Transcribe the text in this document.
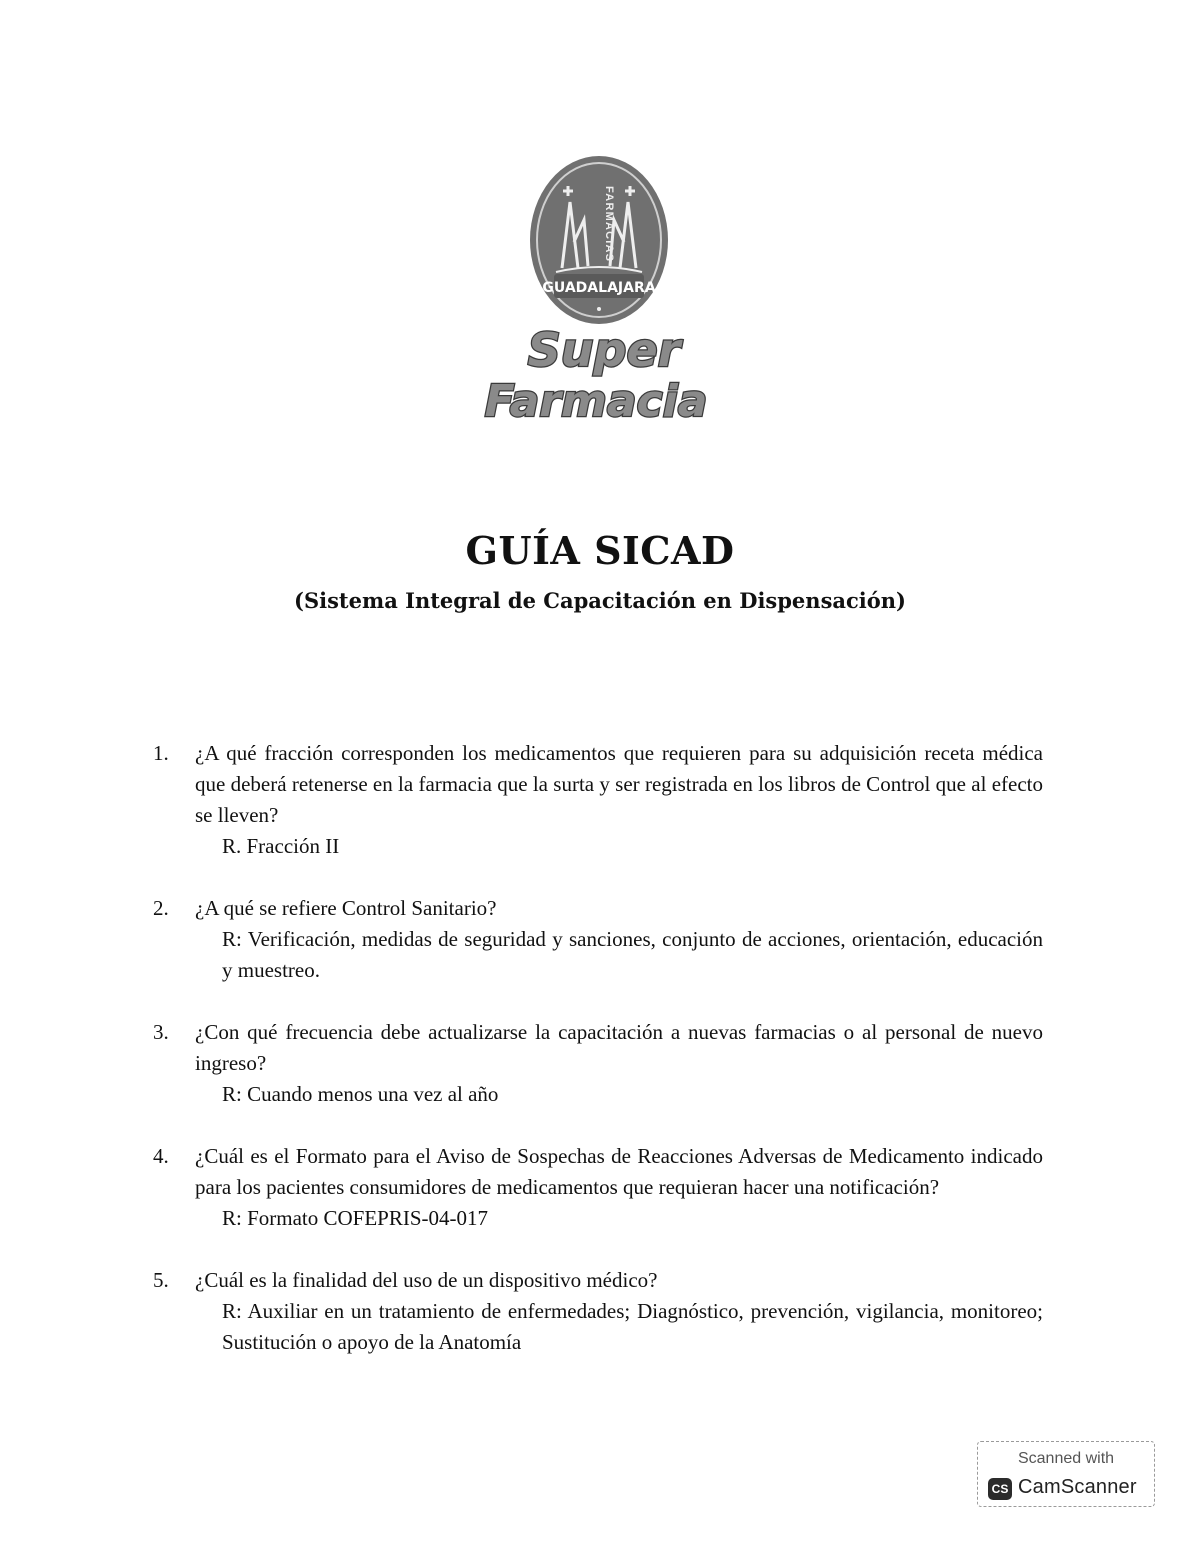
FARMACIAS
GUADALAJARA
Super
Farmacia
GUÍA SICAD
(Sistema Integral de Capacitación en Dispensación)
1. ¿A qué fracción corresponden los medicamentos que requieren para su adquisición receta médica que deberá retenerse en la farmacia que la surta y ser registrada en los libros de Control que al efecto se lleven?
R. Fracción II
2. ¿A qué se refiere Control Sanitario?
R: Verificación, medidas de seguridad y sanciones, conjunto de acciones, orientación, educación y muestreo.
3. ¿Con qué frecuencia debe actualizarse la capacitación a nuevas farmacias o al personal de nuevo ingreso?
R: Cuando menos una vez al año
4. ¿Cuál es el Formato para el Aviso de Sospechas de Reacciones Adversas de Medicamento indicado para los pacientes consumidores de medicamentos que requieran hacer una notificación?
R: Formato COFEPRIS-04-017
5. ¿Cuál es la finalidad del uso de un dispositivo médico?
R: Auxiliar en un tratamiento de enfermedades; Diagnóstico, prevención, vigilancia, monitoreo; Sustitución o apoyo de la Anatomía
Scanned with
CS CamScanner
